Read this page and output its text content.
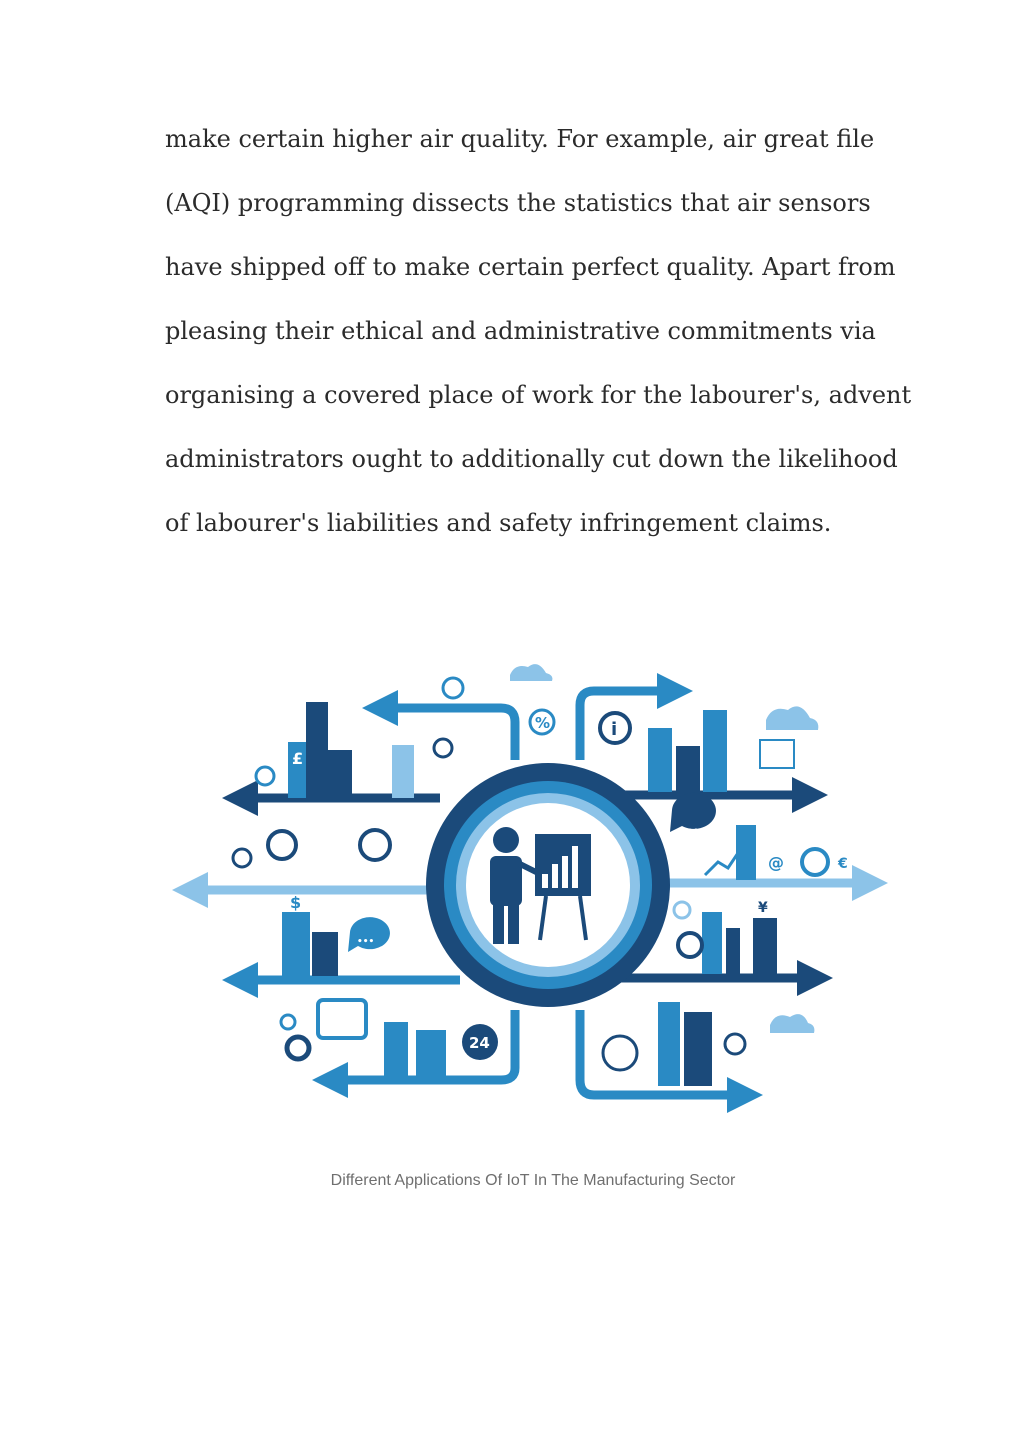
make certain higher air quality. For example, air great file
(AQI) programming dissects the statistics that air sensors
have shipped off to make certain perfect quality. Apart from
pleasing their ethical and administrative commitments via
organising a covered place of work for the labourer's, advent
administrators ought to additionally cut down the likelihood
of labourer's liabilities and safety infringement claims.

£
$	¥
€
@
24
%	i
•••
•••
Different Applications Of IoT In The Manufacturing Sector
